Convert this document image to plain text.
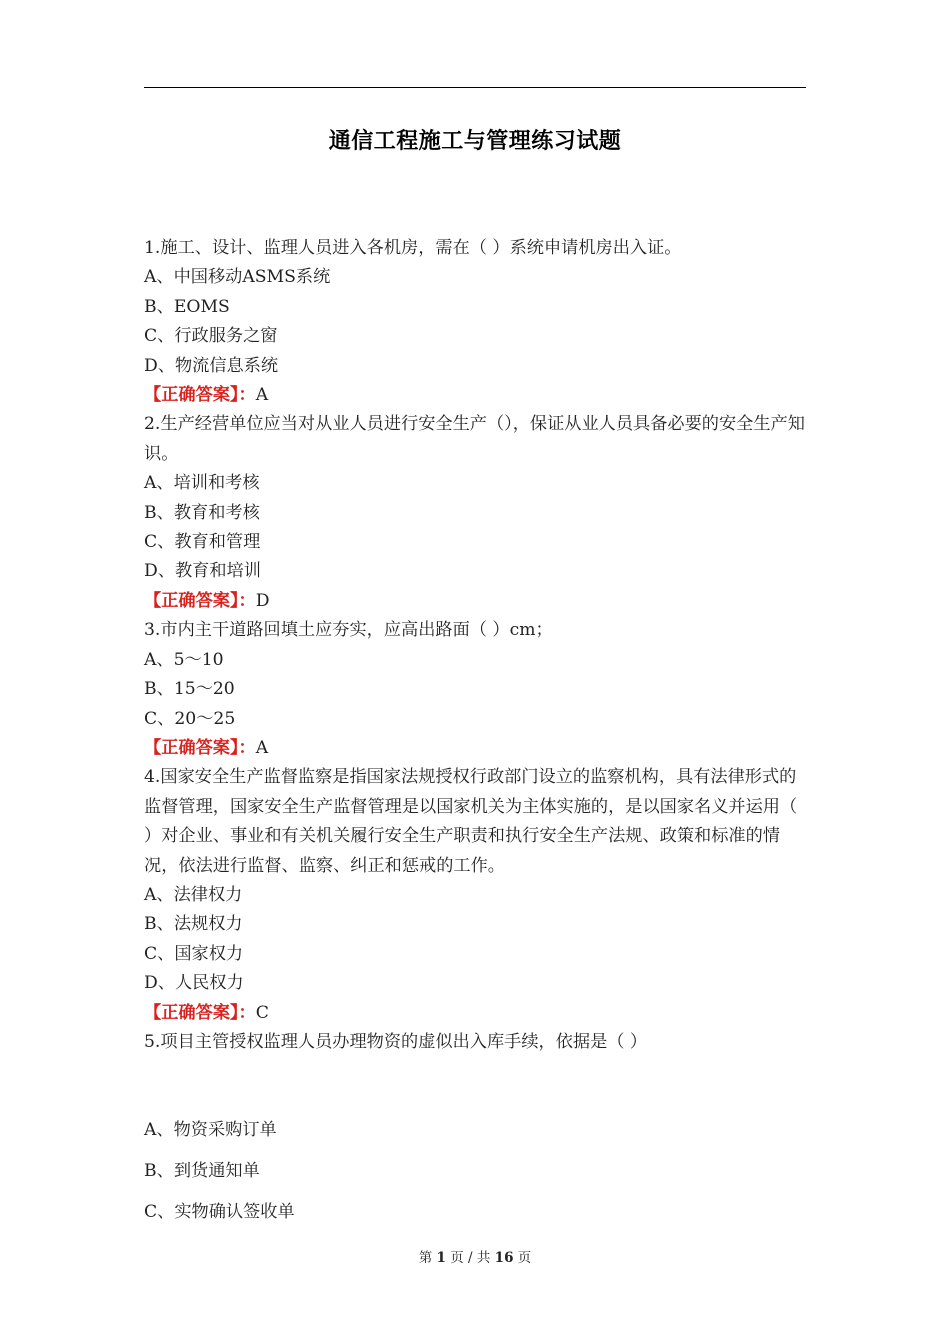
通信工程施工与管理练习试题
1.施工、设计、监理人员进入各机房，需在（ ）系统申请机房出入证。
A、中国移动ASMS系统
B、EOMS
C、行政服务之窗
D、物流信息系统
【正确答案】：A
2.生产经营单位应当对从业人员进行安全生产（），保证从业人员具备必要的安全生产知识。
A、培训和考核
B、教育和考核
C、教育和管理
D、教育和培训
【正确答案】：D
3.市内主干道路回填土应夯实，应高出路面（ ）cm；
A、5～10
B、15～20
C、20～25
【正确答案】：A
4.国家安全生产监督监察是指国家法规授权行政部门设立的监察机构，具有法律形式的监督管理，国家安全生产监督管理是以国家机关为主体实施的，是以国家名义并运用（ ）对企业、事业和有关机关履行安全生产职责和执行安全生产法规、政策和标准的情况，依法进行监督、监察、纠正和惩戒的工作。
A、法律权力
B、法规权力
C、国家权力
D、人民权力
【正确答案】：C
5.项目主管授权监理人员办理物资的虚似出入库手续，依据是（ ）
A、物资采购订单
B、到货通知单
C、实物确认签收单
第 1 页 / 共 16 页
